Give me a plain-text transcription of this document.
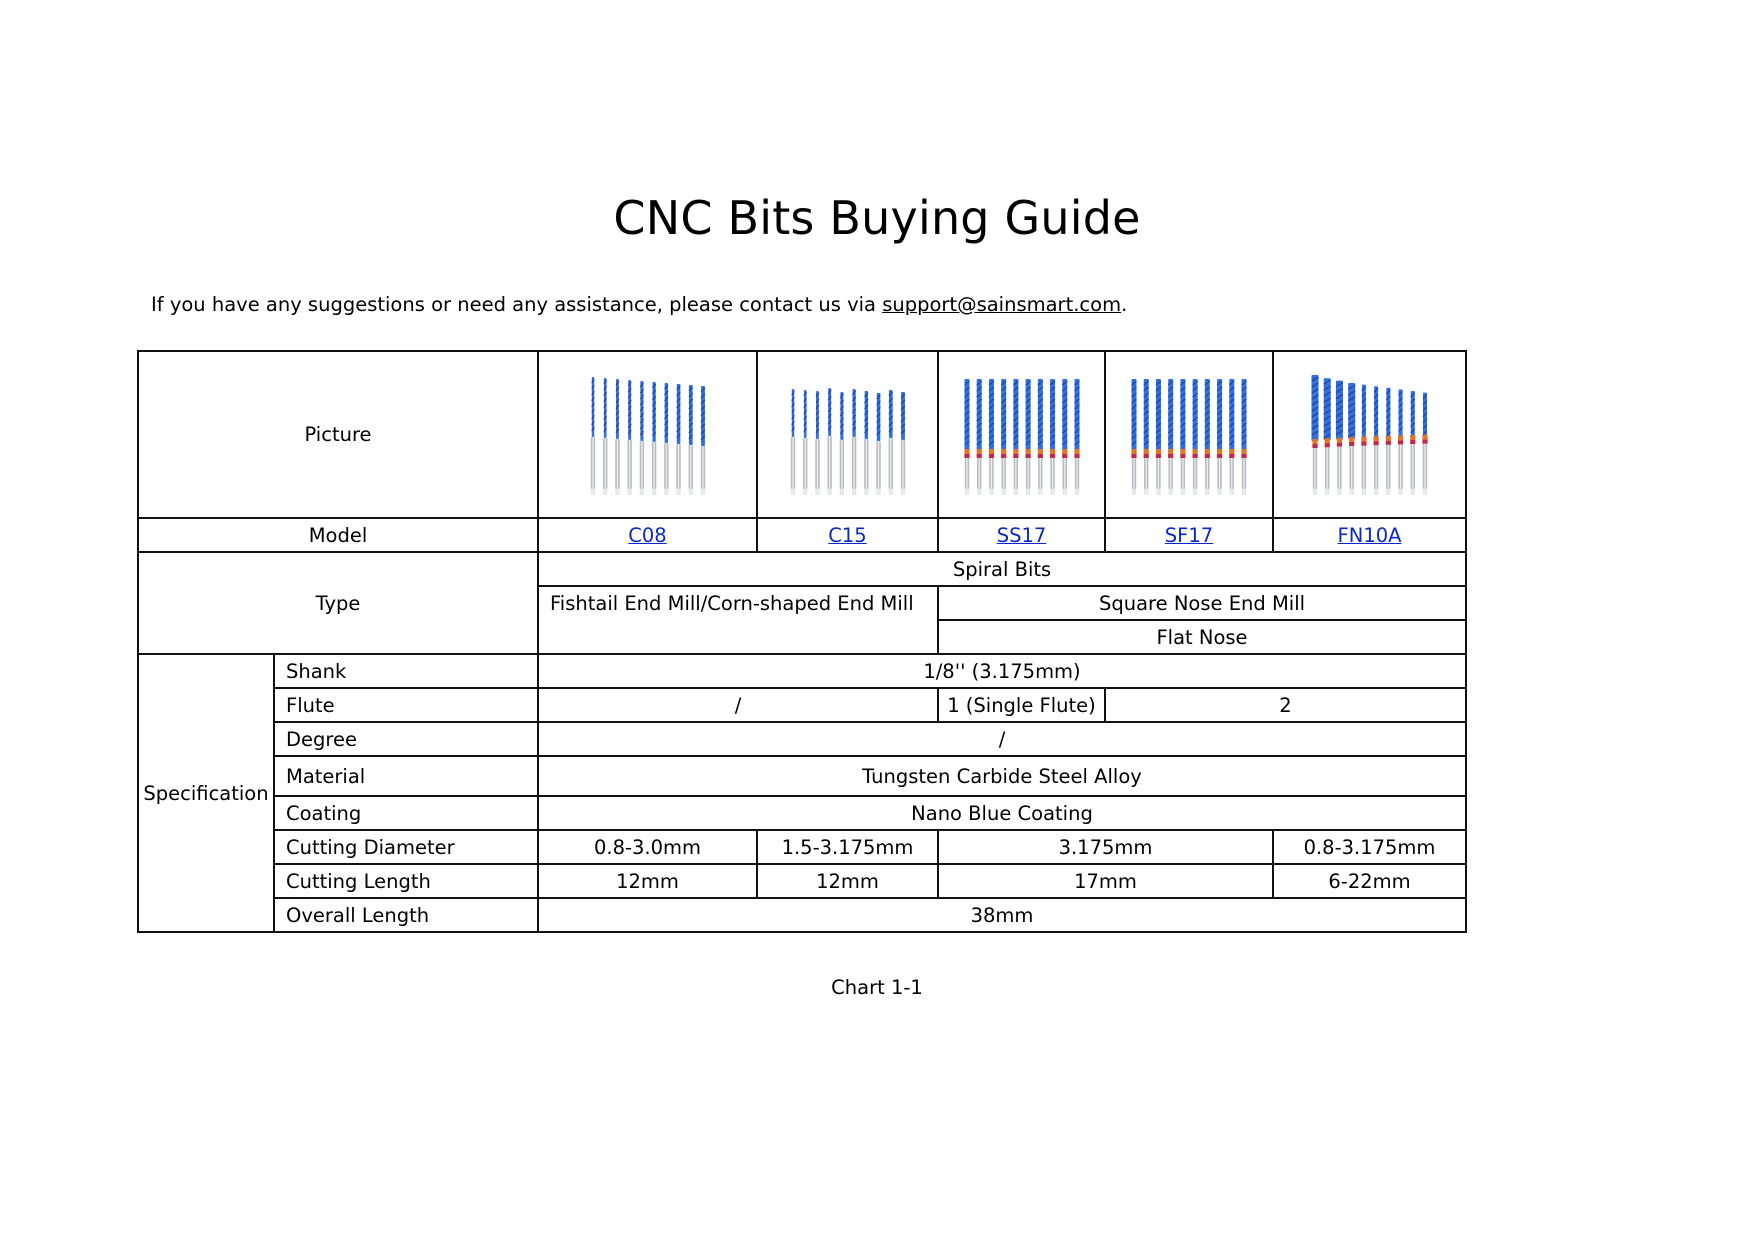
CNC Bits Buying Guide
If you have any suggestions or need any assistance, please contact us via support@sainsmart.com.
Picture	

Model		C08	C15	SS17	SF17	FN10A
Type		Spiral Bits				
		Fishtail End Mill/Corn-shaped End Mill		Square Nose End Mill		
				Flat Nose		
Specification	Shank	1/8'' (3.175mm)				
	Flute	/		1 (Single Flute)	2	
	Degree	/				
	Material	Tungsten Carbide Steel Alloy				
	Coating	Nano Blue Coating				
	Cutting Diameter	0.8-3.0mm	1.5-3.175mm	3.175mm		0.8-3.175mm
	Cutting Length	12mm	12mm	17mm		6-22mm
	Overall Length	38mm				
Chart 1-1
